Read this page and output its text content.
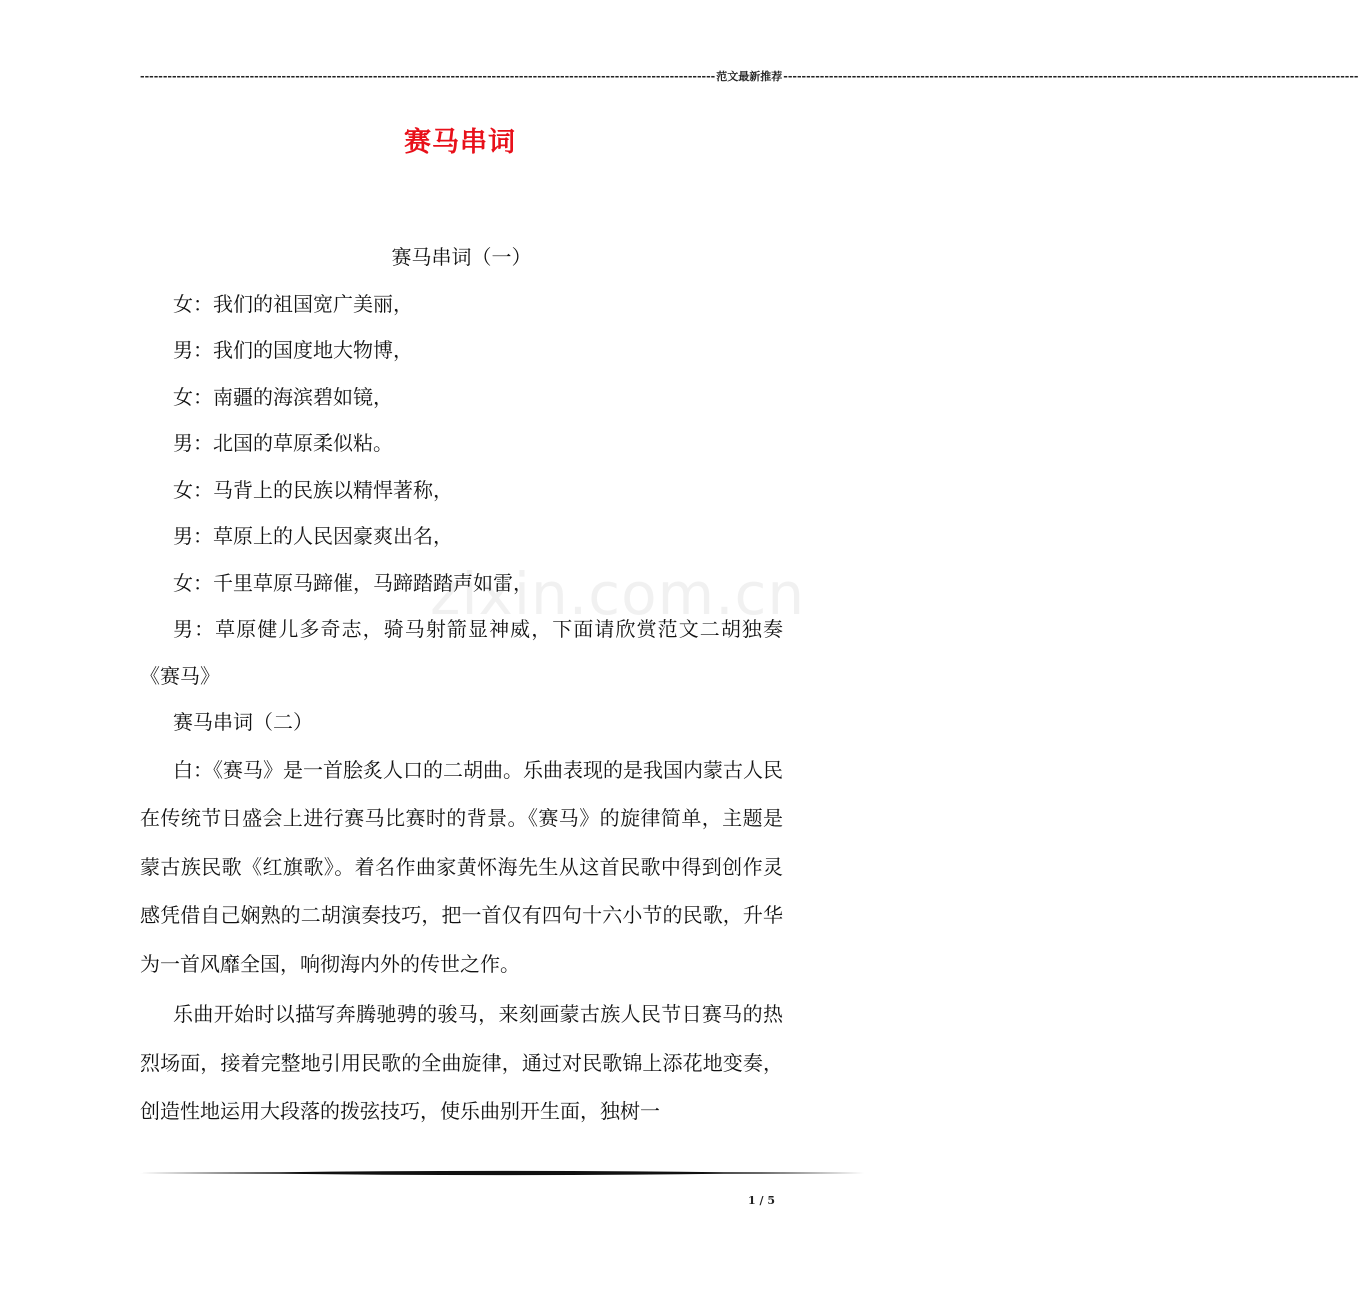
------------------------------------------------------------------------------------------------------------------------------ 范文最新推荐 ------------------------------------------------------------------------------------------------------------------------------
赛马串词
zixin.com.cn

赛马串词（一）

女：我们的祖国宽广美丽，

男：我们的国度地大物博，

女：南疆的海滨碧如镜，

男：北国的草原柔似粘。

女：马背上的民族以精悍著称，

男：草原上的人民因豪爽出名，

女：千里草原马蹄催，马蹄踏踏声如雷，

男：草原健儿多奇志，骑马射箭显神威，下面请欣赏范文二胡独奏《赛马》

赛马串词（二）

白：《赛马》是一首脍炙人口的二胡曲。乐曲表现的是我国内蒙古人民在传统节日盛会上进行赛马比赛时的背景。《赛马》的旋律简单，主题是蒙古族民歌《红旗歌》。着名作曲家黄怀海先生从这首民歌中得到创作灵感凭借自己娴熟的二胡演奏技巧，把一首仅有四句十六小节的民歌，升华为一首风靡全国，响彻海内外的传世之作。

乐曲开始时以描写奔腾驰骋的骏马，来刻画蒙古族人民节日赛马的热烈场面，接着完整地引用民歌的全曲旋律，通过对民歌锦上添花地变奏，创造性地运用大段落的拨弦技巧，使乐曲别开生面，独树一

1 / 5
